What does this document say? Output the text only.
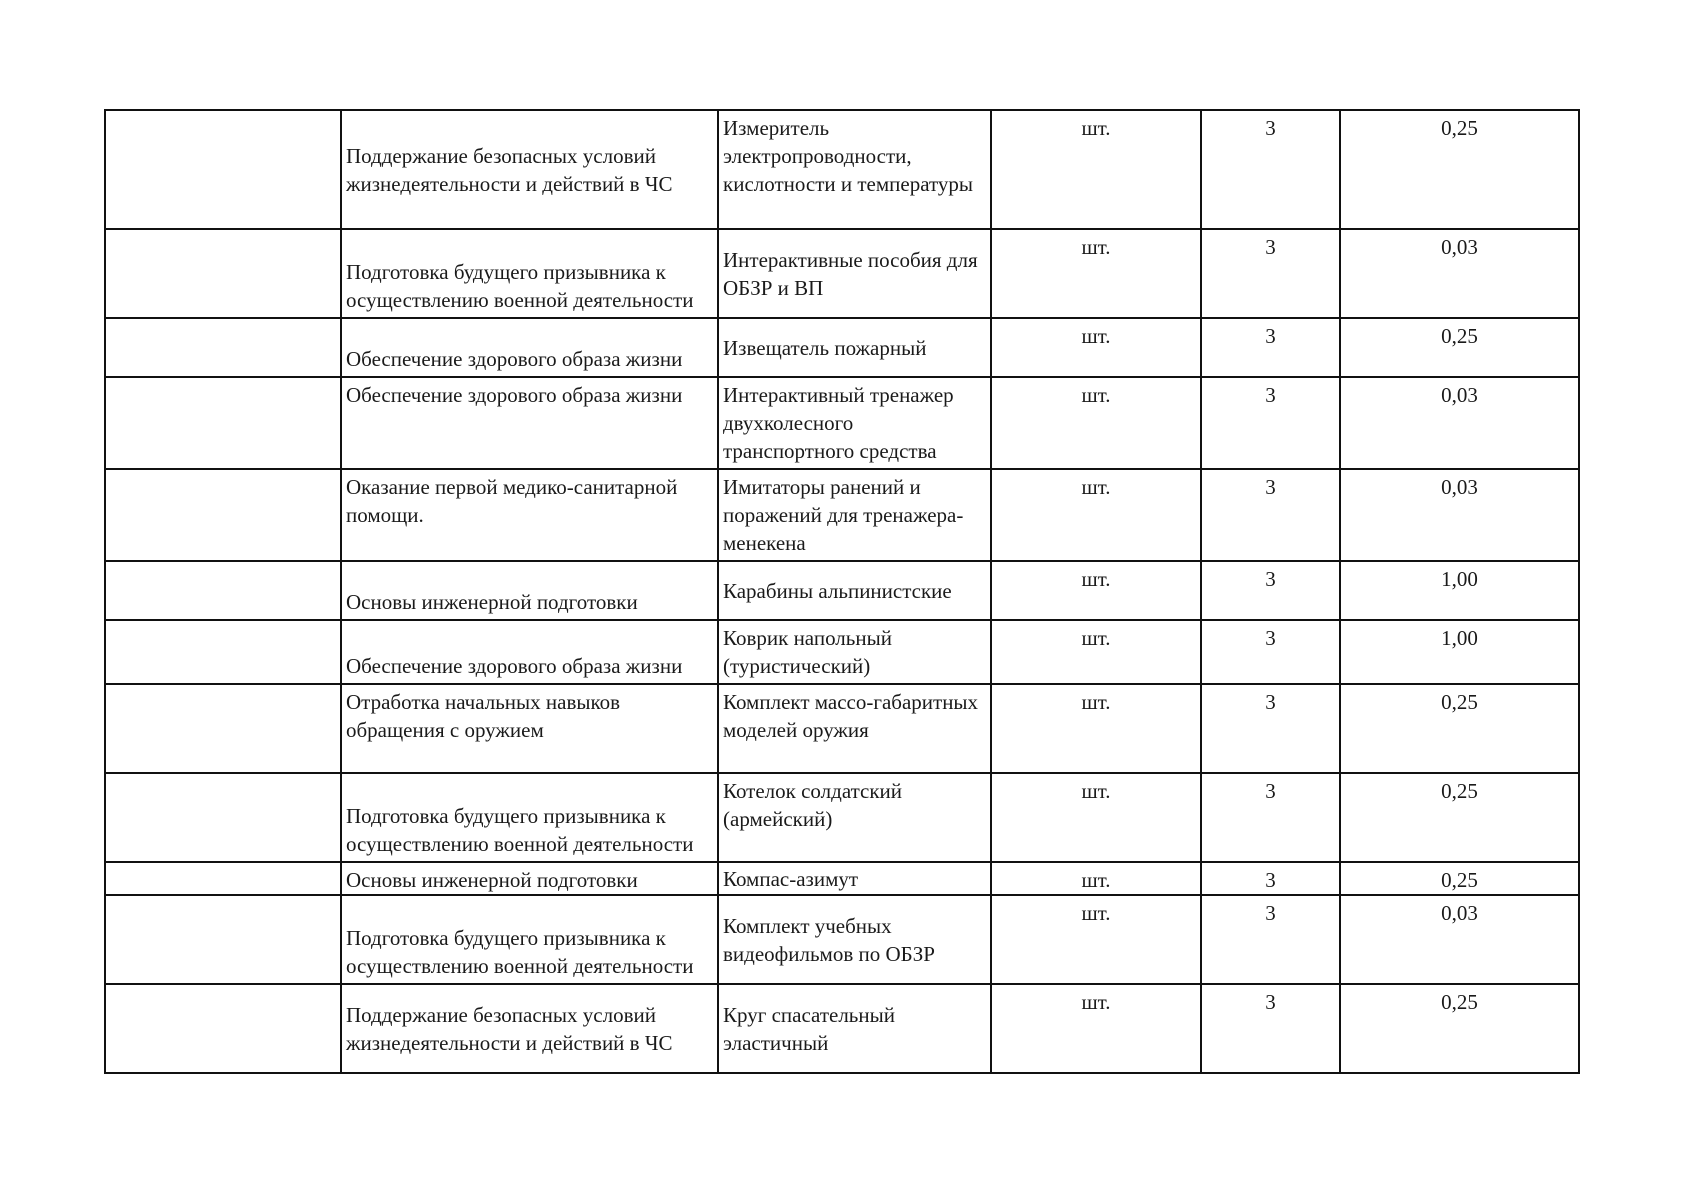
	Поддержание безопасных условий жизнедеятельности и действий в ЧС	Измеритель электропроводности, кислотности и температуры	шт.	3	0,25

	Подготовка будущего призывника к осуществлению военной деятельности	Интерактивные пособия для ОБЗР и ВП	шт.	3	0,03

	Обеспечение здорового образа жизни	Извещатель пожарный	шт.	3	0,25

	Обеспечение здорового образа жизни	Интерактивный тренажер двухколесного транспортного средства	шт.	3	0,03

	Оказание первой медико-санитарной помощи.	Имитаторы ранений и поражений для тренажера-менекена	шт.	3	0,03

	Основы инженерной подготовки	Карабины альпинистские	шт.	3	1,00

	Обеспечение здорового образа жизни	Коврик напольный (туристический)	шт.	3	1,00

	Отработка начальных навыков обращения с оружием	Комплект массо-габаритных моделей оружия	шт.	3	0,25

	Подготовка будущего призывника к осуществлению военной деятельности	Котелок солдатский (армейский)	шт.	3	0,25

	Основы инженерной подготовки	Компас-азимут	шт.	3	0,25

	Подготовка будущего призывника к осуществлению военной деятельности	Комплект учебных видеофильмов по ОБЗР	шт.	3	0,03

	Поддержание безопасных условий жизнедеятельности и действий в ЧС	Круг спасательный эластичный	шт.	3	0,25
